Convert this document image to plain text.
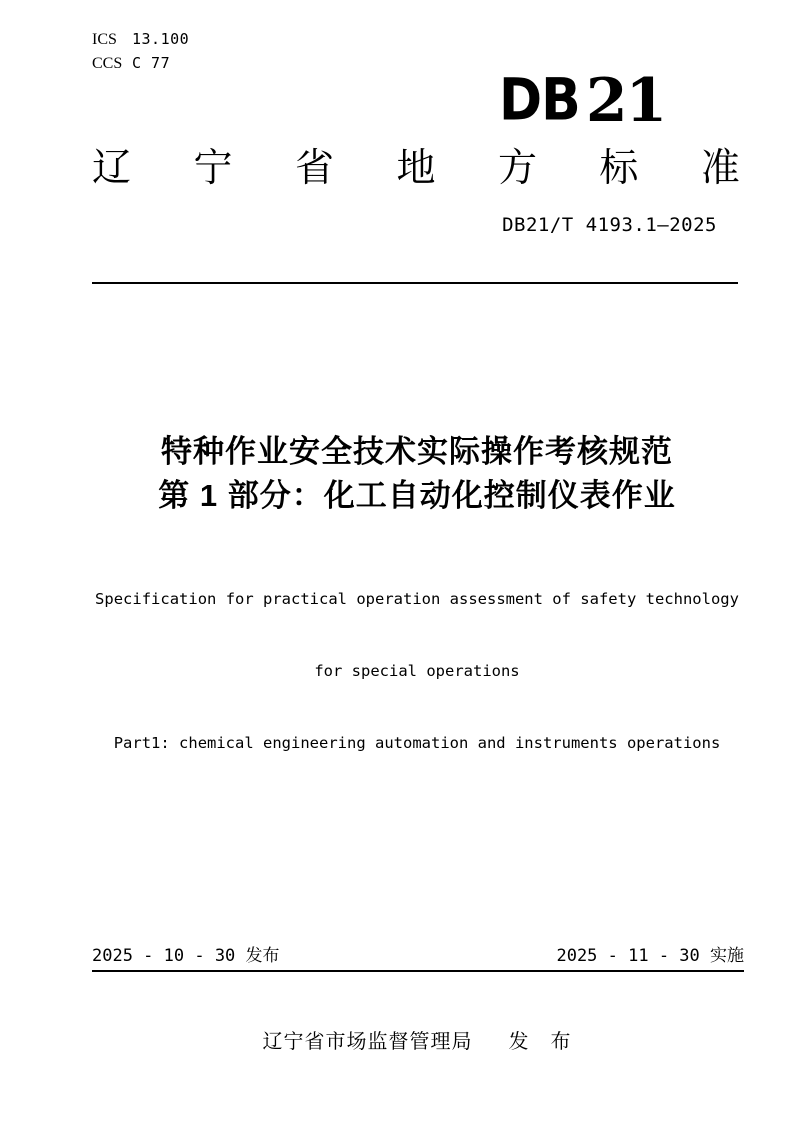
ICS	13.100
CCS C 77
DB 21
辽 宁 省 地 方 标 准
DB21/T 4193.1—2025
特种作业安全技术实际操作考核规范
第 1 部分：化工自动化控制仪表作业

Specification for practical operation assessment of safety technology

for special operations

Part1: chemical engineering automation and instruments operations

2025 - 10 - 30 发布	2025 - 11 - 30 实施
辽宁省市场监督管理局 发　布
